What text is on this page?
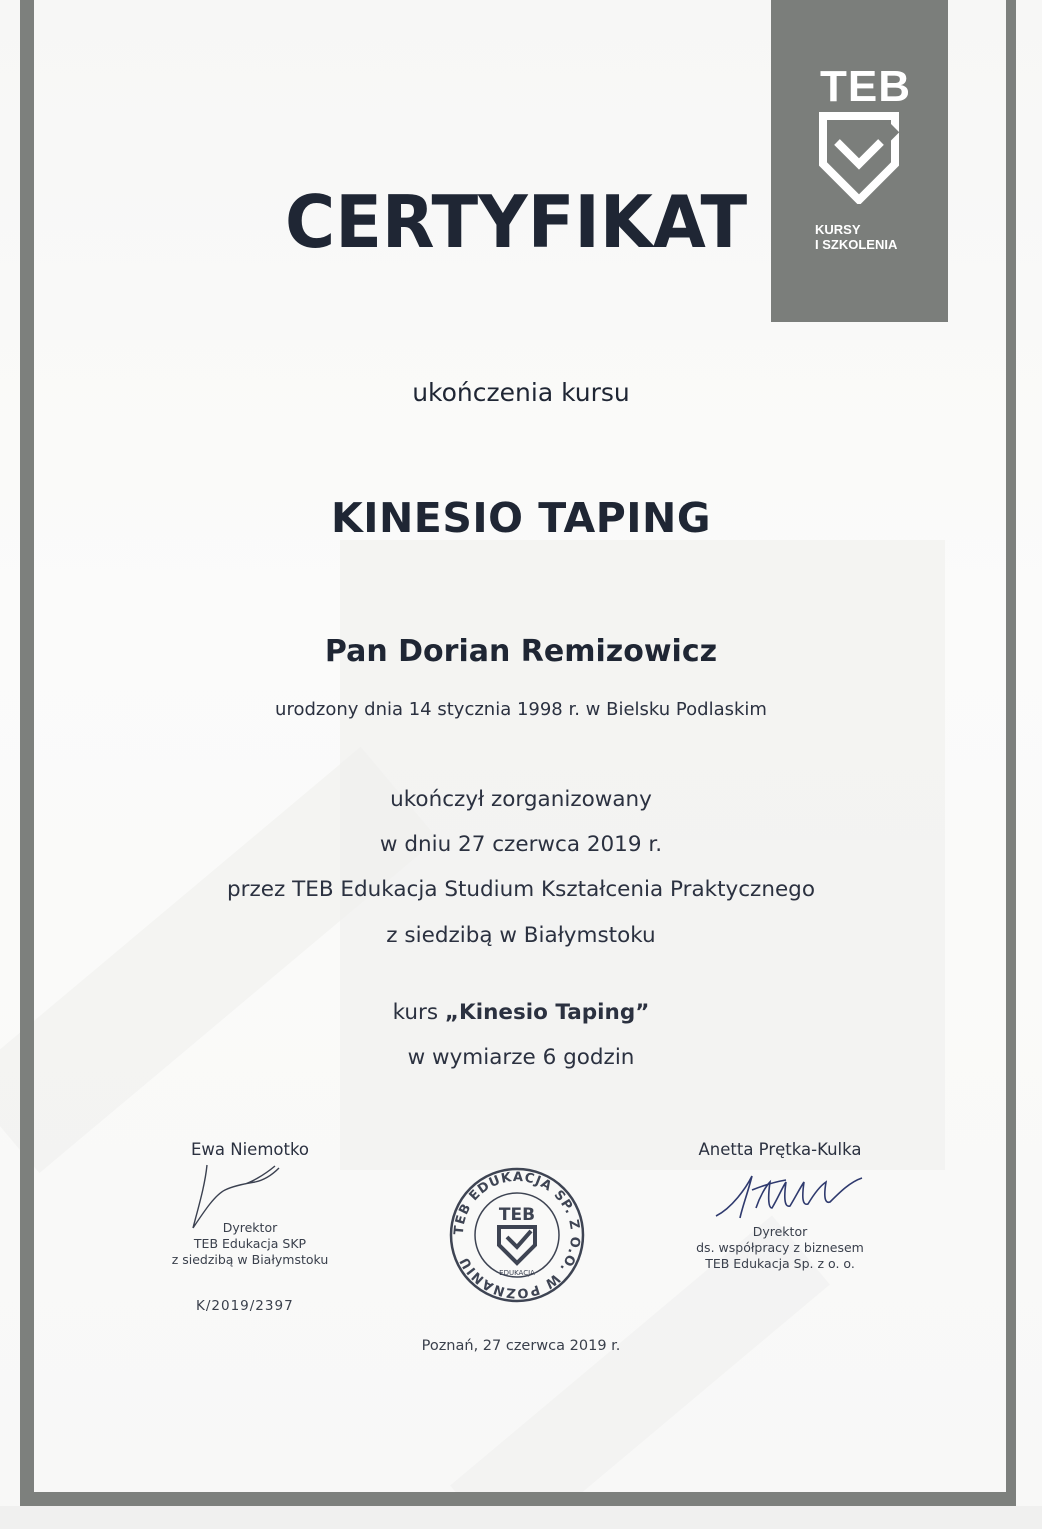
TEB
KURSY
I SZKOLENIA
CERTYFIKAT
ukończenia kursu
KINESIO TAPING
Pan Dorian Remizowicz
urodzony dnia 14 stycznia 1998 r. w Bielsku Podlaskim
ukończył zorganizowany
w dniu 27 czerwca 2019 r.
przez TEB Edukacja Studium Kształcenia Praktycznego
z siedzibą w Białymstoku
kurs „Kinesio Taping”
w wymiarze 6 godzin
Ewa Niemotko
Dyrektor
TEB Edukacja SKP
z siedzibą w Białymstoku
K/2019/2397
TEB EDUKACJA SP. Z O.O. W POZNANIU
TEB
EDUKACJA
Anetta Prętka-Kulka
Dyrektor
ds. współpracy z biznesem
TEB Edukacja Sp. z o. o.
Poznań, 27 czerwca 2019 r.
